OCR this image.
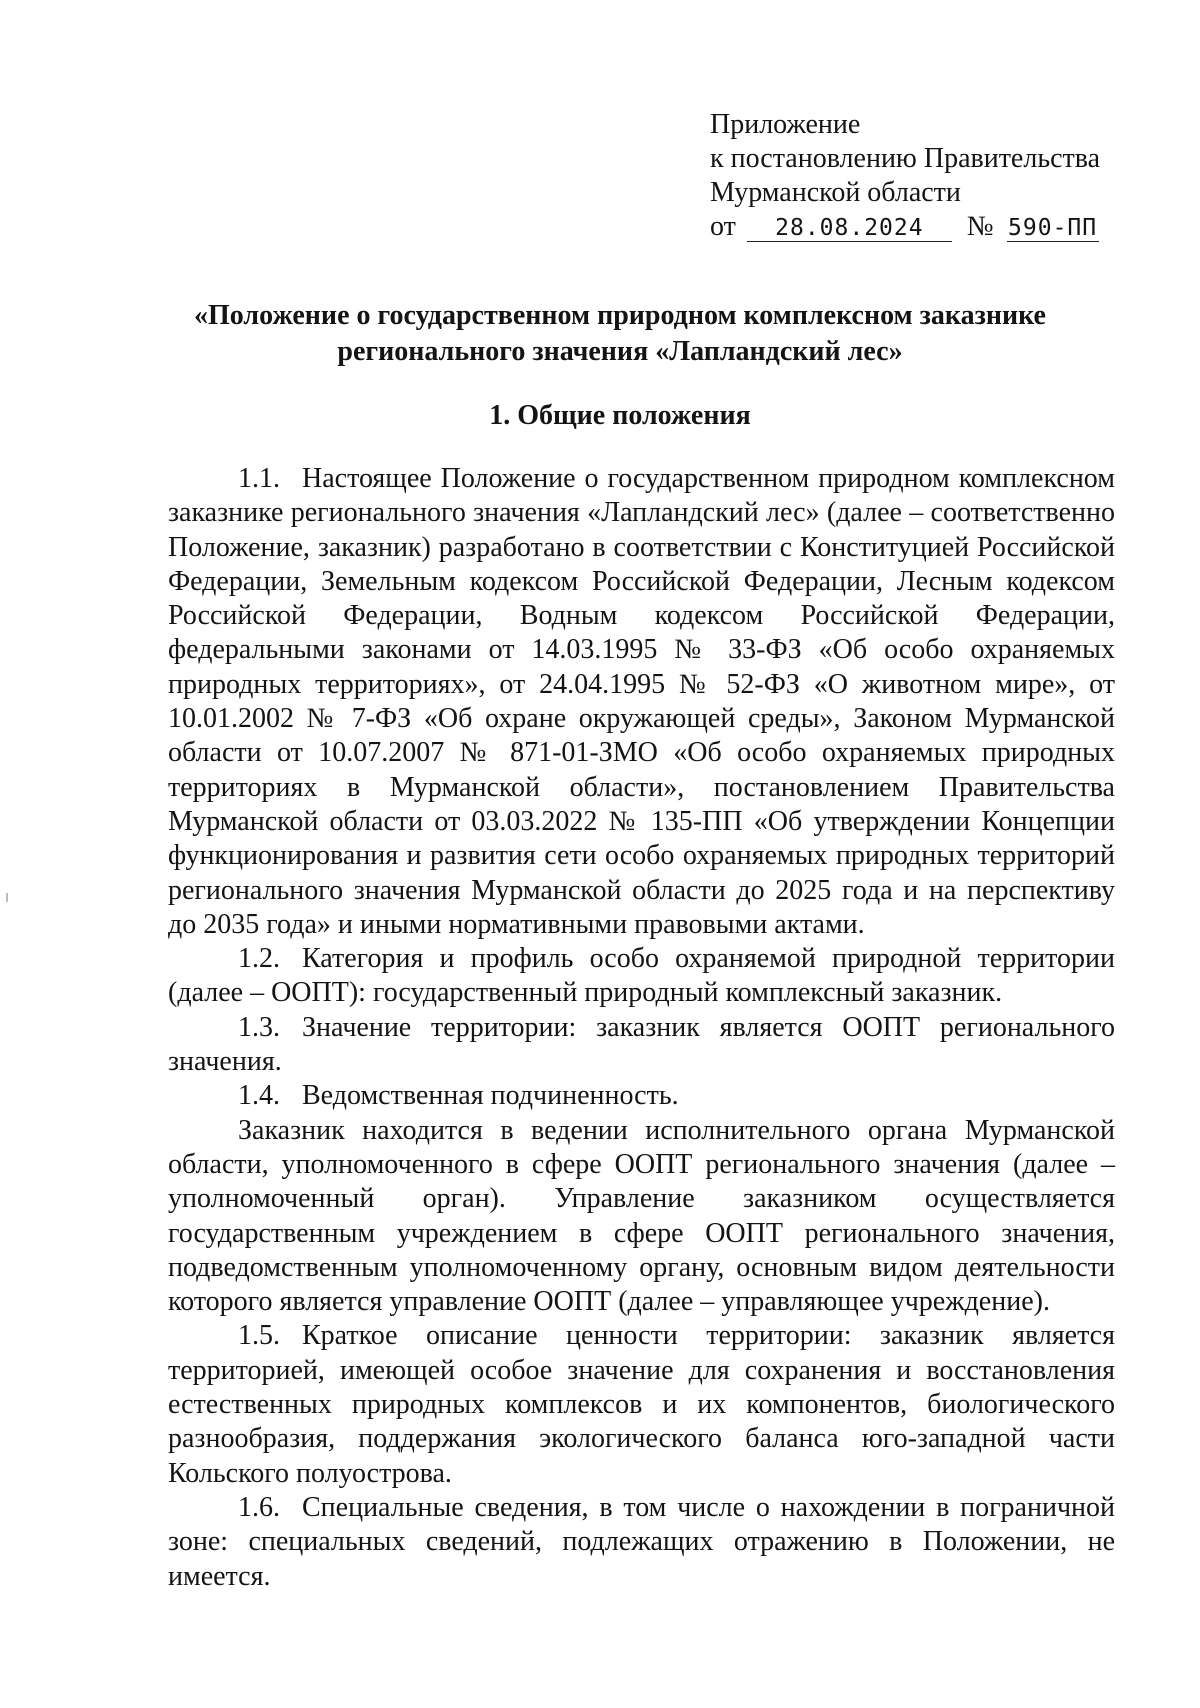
Приложение
к постановлению Правительства
Мурманской области
от 28.08.2024 № 590-ПП
«Положение о государственном природном комплексном заказнике
регионального значения «Лапландский лес»
1. Общие положения

1.1. Настоящее Положение о государственном природном комплексном заказнике регионального значения «Лапландский лес» (далее – соответственно Положение, заказник) разработано в соответствии с Конституцией Российской Федерации, Земельным кодексом Российской Федерации, Лесным кодексом Российской Федерации, Водным кодексом Российской Федерации, федеральными законами от 14.03.1995 № 33-ФЗ «Об особо охраняемых природных территориях», от 24.04.1995 № 52-ФЗ «О животном мире», от 10.01.2002 № 7-ФЗ «Об охране окружающей среды», Законом Мурманской области от 10.07.2007 № 871-01-ЗМО «Об особо охраняемых природных территориях в Мурманской области», постановлением Правительства Мурманской области от 03.03.2022 № 135-ПП «Об утверждении Концепции функционирования и развития сети особо охраняемых природных территорий регионального значения Мурманской области до 2025 года и на перспективу до 2035 года» и иными нормативными правовыми актами.

1.2. Категория и профиль особо охраняемой природной территории (далее – ООПТ): государственный природный комплексный заказник.

1.3. Значение территории: заказник является ООПТ регионального значения.

1.4. Ведомственная подчиненность.

Заказник находится в ведении исполнительного органа Мурманской области, уполномоченного в сфере ООПТ регионального значения (далее – уполномоченный орган). Управление заказником осуществляется государственным учреждением в сфере ООПТ регионального значения, подведомственным уполномоченному органу, основным видом деятельности которого является управление ООПТ (далее – управляющее учреждение).

1.5. Краткое описание ценности территории: заказник является территорией, имеющей особое значение для сохранения и восстановления естественных природных комплексов и их компонентов, биологического разнообразия, поддержания экологического баланса юго-западной части Кольского полуострова.

1.6. Специальные сведения, в том числе о нахождении в пограничной зоне: специальных сведений, подлежащих отражению в Положении, не имеется.
